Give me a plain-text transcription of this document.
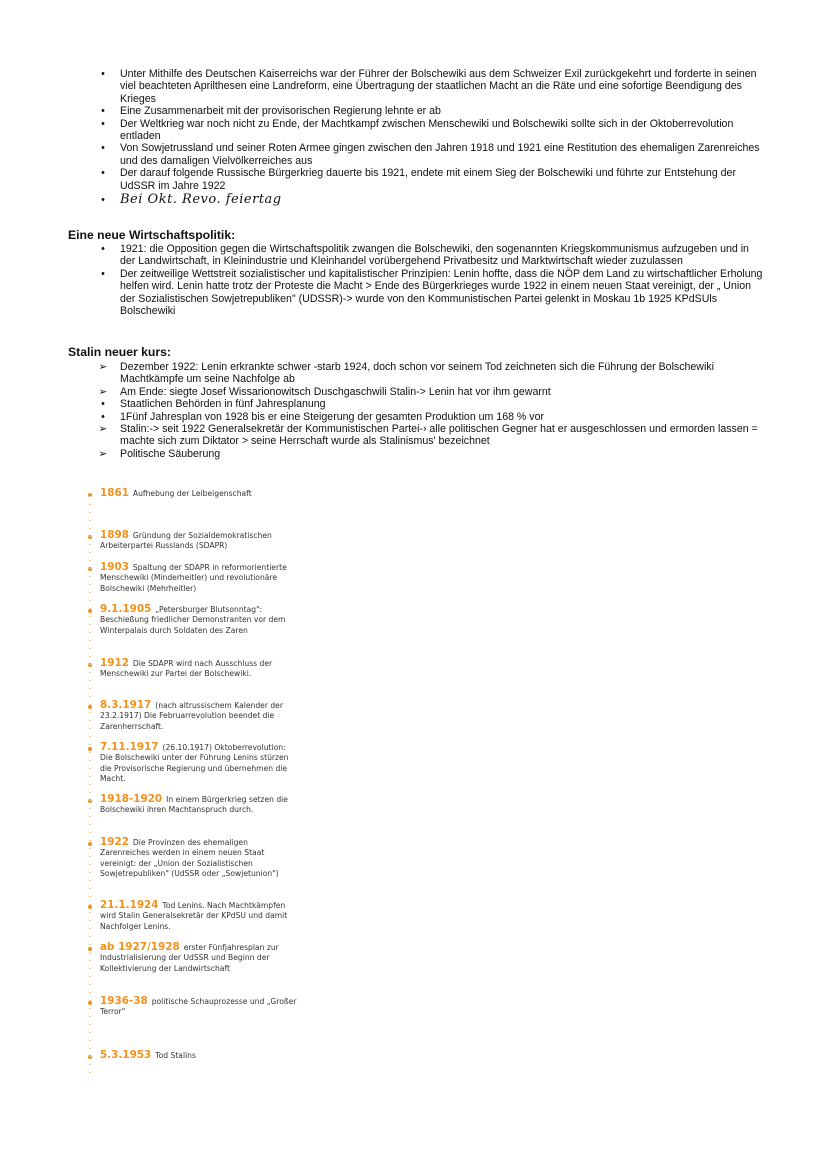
•	Unter Mithilfe des Deutschen Kaiserreichs war der Führer der Bolschewiki aus dem Schweizer Exil zurückgekehrt und forderte in seinen viel beachteten Aprilthesen eine Landreform, eine Übertragung der staatlichen Macht an die Räte und eine sofortige Beendigung des Krieges
•	Eine Zusammenarbeit mit der provisorischen Regierung lehnte er ab
•	Der Weltkrieg war noch nicht zu Ende, der Machtkampf zwischen Menschewiki und Bolschewiki sollte sich in der Oktoberrevolution entladen
•	Von Sowjetrussland und seiner Roten Armee gingen zwischen den Jahren 1918 und 1921 eine Restitution des ehemaligen Zarenreiches und des damaligen Vielvölkerreiches aus
•	Der darauf folgende Russische Bürgerkrieg dauerte bis 1921, endete mit einem Sieg der Bolschewiki und führte zur Entstehung der UdSSR im Jahre 1922
•	Bei Okt. Revo. feiertag
Eine neue Wirtschaftspolitik:
•	1921: die Opposition gegen die Wirtschaftspolitik zwangen die Bolschewiki, den sogenannten Kriegskommunismus aufzugeben und in der Landwirtschaft, in Kleinindustrie und Kleinhandel vorübergehend Privatbesitz und Marktwirtschaft wieder zuzulassen
•	Der zeitweilige Wettstreit sozialistischer und kapitalistischer Prinzipien: Lenin hoffte, dass die NÖP dem Land zu wirtschaftlicher Erholung helfen wird. Lenin hatte trotz der Proteste die Macht > Ende des Bürgerkrieges wurde 1922 in einem neuen Staat vereinigt, der „ Union der Sozialistischen Sowjetrepubliken" (UDSSR)-> wurde von den Kommunistischen Partei gelenkt in Moskau 1b 1925 KPdSUls Bolschewiki
Stalin neuer kurs:
➢ Dezember 1922: Lenin erkrankte schwer -starb 1924, doch schon vor seinem Tod zeichneten sich die Führung der Bolschewiki Machtkämpfe um seine Nachfolge ab
➢ Am Ende: siegte Josef Wissarionowitsch Duschgaschwili Stalin-> Lenin hat vor ihm gewarnt
•	Staatlichen Behörden in fünf Jahresplanung
•	1Fünf Jahresplan von 1928 bis er eine Steigerung der gesamten Produktion um 168 % vor
➢ Stalin:-> seit 1922 Generalsekretär der Kommunistischen Partei-› alle politischen Gegner hat er ausgeschlossen und ermorden lassen = machte sich zum Diktator > seine Herrschaft wurde als Stalinismus' bezeichnet
➢ Politische Säuberung
1861 Aufhebung der Leibeigenschaft
1898 Gründung der Sozialdemokratischen Arbeiterpartei Russlands (SDAPR)
1903 Spaltung der SDAPR in reformorientierte Menschewiki (Minderheitler) und revolutionäre Bolschewiki (Mehrheitler)
9.1.1905 „Petersburger Blutsonntag": Beschießung friedlicher Demonstranten vor dem Winterpalais durch Soldaten des Zaren
1912 Die SDAPR wird nach Ausschluss der Menschewiki zur Partei der Bolschewiki.
8.3.1917 (nach altrussischem Kalender der 23.2.1917) Die Februarrevolution beendet die Zarenherrschaft.
7.11.1917 (26.10.1917) Oktoberrevolution: Die Bolschewiki unter der Führung Lenins stürzen die Provisorische Regierung und übernehmen die Macht.
1918-1920 In einem Bürgerkrieg setzen die Bolschewiki ihren Machtanspruch durch.
1922 Die Provinzen des ehemaligen Zarenreiches werden in einem neuen Staat vereinigt: der „Union der Sozialistischen Sowjetrepubliken" (UdSSR oder „Sowjetunion")
21.1.1924 Tod Lenins. Nach Machtkämpfen wird Stalin Generalsekretär der KPdSU und damit Nachfolger Lenins.
ab 1927/1928 erster Fünfjahresplan zur Industrialisierung der UdSSR und Beginn der Kollektivierung der Landwirtschaft
1936-38 politische Schauprozesse und „Großer Terror"
5.3.1953 Tod Stalins
